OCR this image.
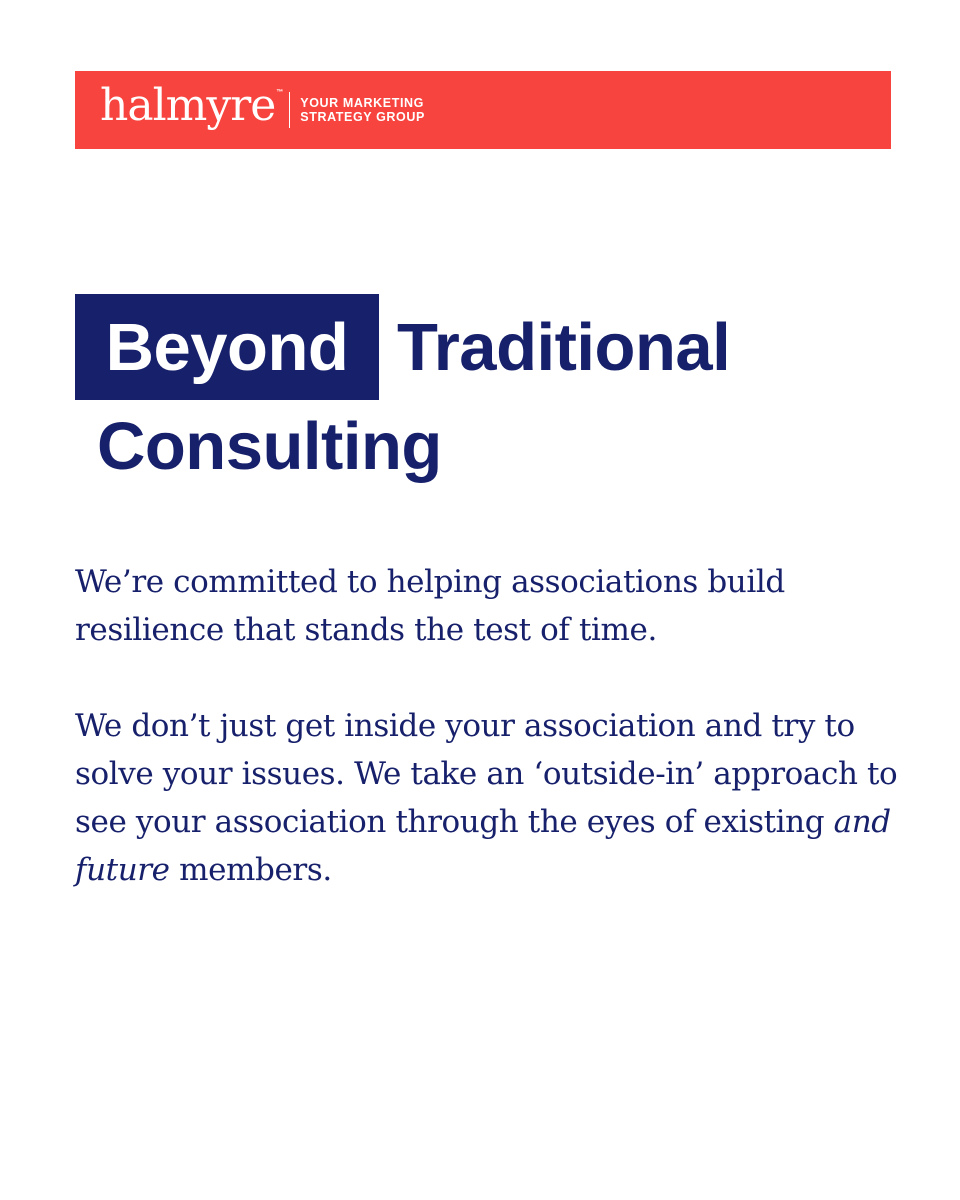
halmyre ™
YOUR MARKETING
STRATEGY GROUP
Beyond Traditional
Consulting

We’re committed to helping associations build resilience that stands the test of time.

We don’t just get inside your association and try to solve your issues. We take an ‘outside-in’ approach to see your association through the eyes of existing and future members.
